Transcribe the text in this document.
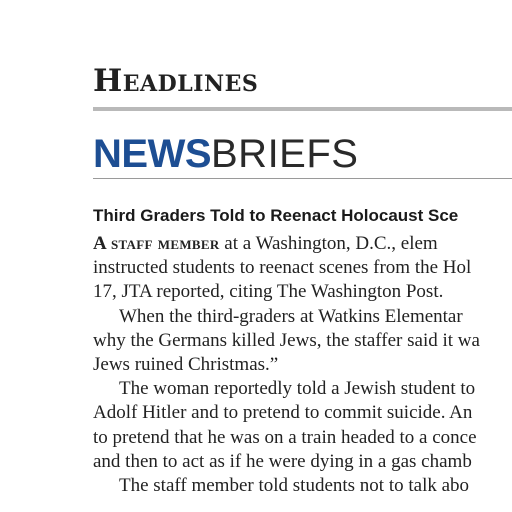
Headlines
NEWSBRIEFS
Third Graders Told to Reenact Holocaust Sce
A staff member at a Washington, D.C., elem
instructed students to reenact scenes from the Hol
17, JTA reported, citing The Washington Post.
When the third-graders at Watkins Elementar
why the Germans killed Jews, the staffer said it wa
Jews ruined Christmas.”
The woman reportedly told a Jewish student to
Adolf Hitler and to pretend to commit suicide. An
to pretend that he was on a train headed to a conce
and then to act as if he were dying in a gas chamb
The staff member told students not to talk abo
